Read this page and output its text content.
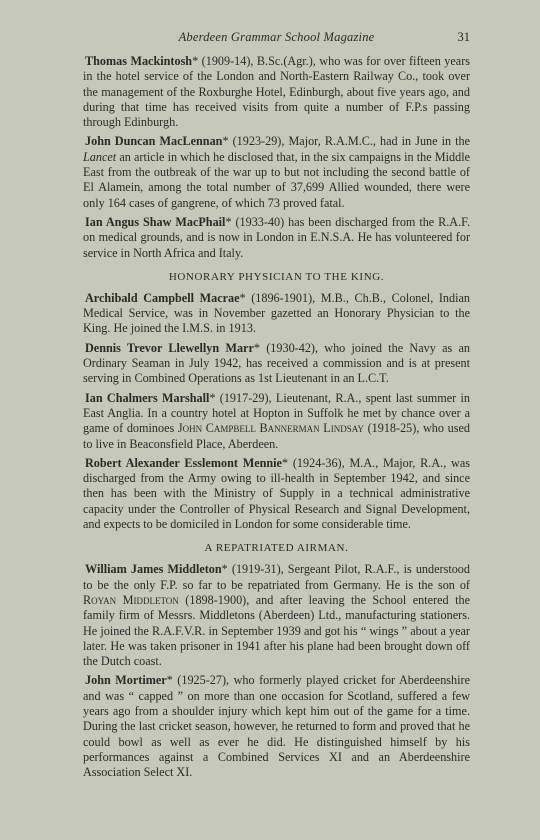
Aberdeen Grammar School Magazine	31

Thomas Mackintosh* (1909-14), B.Sc.(Agr.), who was for over fifteen years in the hotel service of the London and North-Eastern Railway Co., took over the management of the Roxburghe Hotel, Edinburgh, about five years ago, and during that time has received visits from quite a number of F.P.s passing through Edinburgh.

John Duncan MacLennan* (1923-29), Major, R.A.M.C., had in June in the Lancet an article in which he disclosed that, in the six campaigns in the Middle East from the outbreak of the war up to but not including the second battle of El Alamein, among the total number of 37,699 Allied wounded, there were only 164 cases of gangrene, of which 73 proved fatal.

Ian Angus Shaw MacPhail* (1933-40) has been discharged from the R.A.F. on medical grounds, and is now in London in E.N.S.A. He has volunteered for service in North Africa and Italy.

HONORARY PHYSICIAN TO THE KING.

Archibald Campbell Macrae* (1896-1901), M.B., Ch.B., Colonel, Indian Medical Service, was in November gazetted an Honorary Physician to the King. He joined the I.M.S. in 1913.

Dennis Trevor Llewellyn Marr* (1930-42), who joined the Navy as an Ordinary Seaman in July 1942, has received a commission and is at present serving in Combined Operations as 1st Lieutenant in an L.C.T.

Ian Chalmers Marshall* (1917-29), Lieutenant, R.A., spent last summer in East Anglia. In a country hotel at Hopton in Suffolk he met by chance over a game of dominoes John Campbell Bannerman Lindsay (1918-25), who used to live in Beaconsfield Place, Aberdeen.

Robert Alexander Esslemont Mennie* (1924-36), M.A., Major, R.A., was discharged from the Army owing to ill-health in September 1942, and since then has been with the Ministry of Supply in a technical administrative capacity under the Controller of Physical Research and Signal Development, and expects to be domiciled in London for some considerable time.

A REPATRIATED AIRMAN.

William James Middleton* (1919-31), Sergeant Pilot, R.A.F., is understood to be the only F.P. so far to be repatriated from Germany. He is the son of Royan Middleton (1898-1900), and after leaving the School entered the family firm of Messrs. Middletons (Aberdeen) Ltd., manufacturing stationers. He joined the R.A.F.V.R. in September 1939 and got his “ wings ” about a year later. He was taken prisoner in 1941 after his plane had been brought down off the Dutch coast.

John Mortimer* (1925-27), who formerly played cricket for Aberdeenshire and was “ capped ” on more than one occasion for Scotland, suffered a few years ago from a shoulder injury which kept him out of the game for a time. During the last cricket season, however, he returned to form and proved that he could bowl as well as ever he did. He distinguished himself by his performances against a Combined Services XI and an Aberdeenshire Association Select XI.
